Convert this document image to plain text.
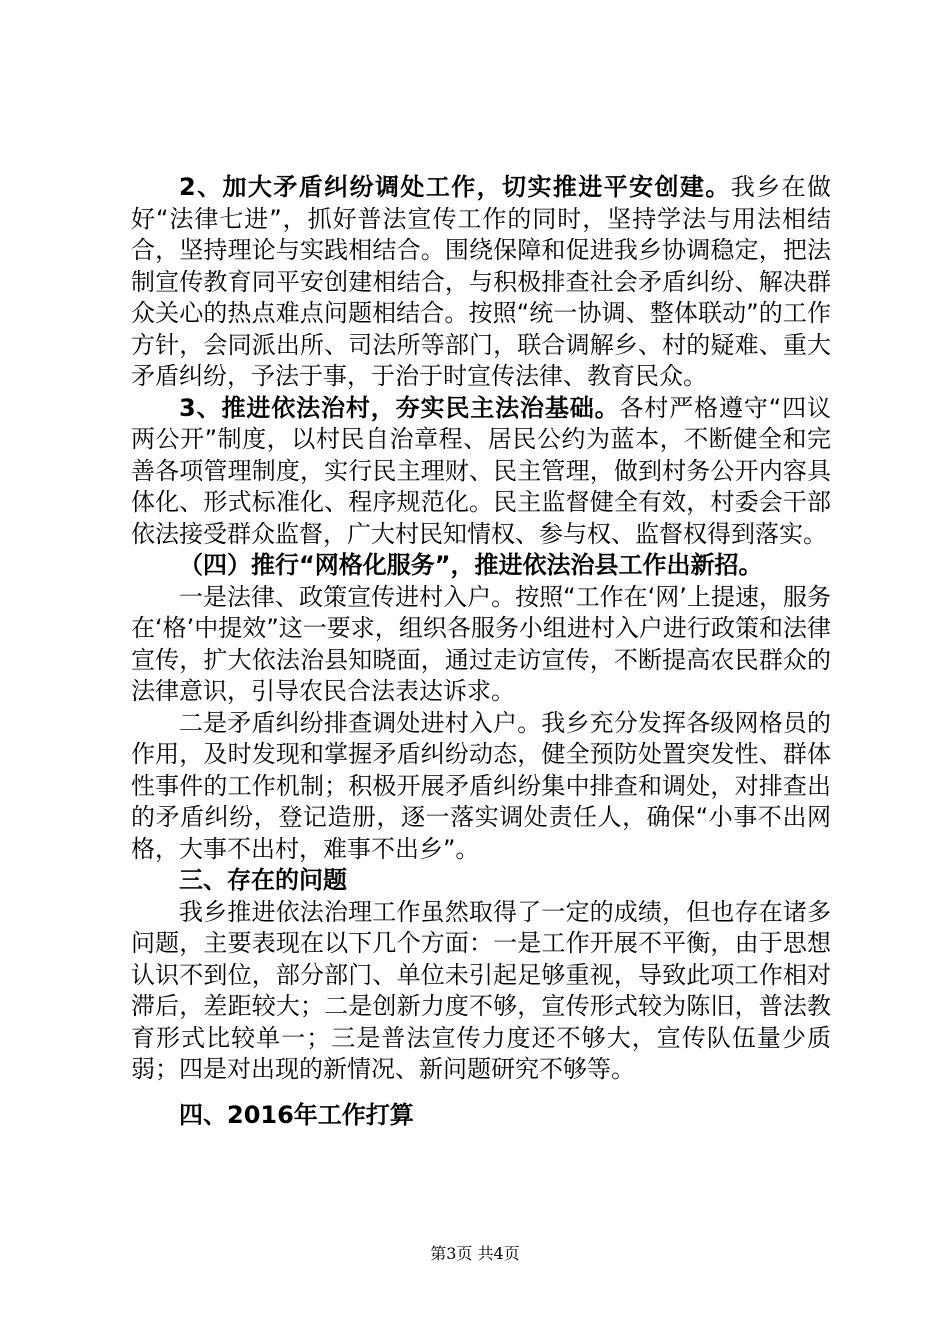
2、加大矛盾纠纷调处工作，切实推进平安创建。我乡在做好“法律七进”，抓好普法宣传工作的同时，坚持学法与用法相结合，坚持理论与实践相结合。围绕保障和促进我乡协调稳定，把法制宣传教育同平安创建相结合，与积极排查社会矛盾纠纷、解决群众关心的热点难点问题相结合。按照“统一协调、整体联动”的工作方针，会同派出所、司法所等部门，联合调解乡、村的疑难、重大矛盾纠纷，予法于事，于治于时宣传法律、教育民众。

3、推进依法治村，夯实民主法治基础。各村严格遵守“四议两公开”制度，以村民自治章程、居民公约为蓝本，不断健全和完善各项管理制度，实行民主理财、民主管理，做到村务公开内容具体化、形式标准化、程序规范化。民主监督健全有效，村委会干部依法接受群众监督，广大村民知情权、参与权、监督权得到落实。

（四）推行“网格化服务”，推进依法治县工作出新招。

一是法律、政策宣传进村入户。按照“工作在‘网’上提速，服务在‘格’中提效”这一要求，组织各服务小组进村入户进行政策和法律宣传，扩大依法治县知晓面，通过走访宣传，不断提高农民群众的法律意识，引导农民合法表达诉求。

二是矛盾纠纷排查调处进村入户。我乡充分发挥各级网格员的作用，及时发现和掌握矛盾纠纷动态，健全预防处置突发性、群体性事件的工作机制；积极开展矛盾纠纷集中排查和调处，对排查出的矛盾纠纷，登记造册，逐一落实调处责任人，确保“小事不出网格，大事不出村，难事不出乡”。

三、存在的问题

我乡推进依法治理工作虽然取得了一定的成绩，但也存在诸多问题，主要表现在以下几个方面：一是工作开展不平衡，由于思想认识不到位，部分部门、单位未引起足够重视，导致此项工作相对滞后，差距较大；二是创新力度不够，宣传形式较为陈旧，普法教育形式比较单一；三是普法宣传力度还不够大，宣传队伍量少质弱；四是对出现的新情况、新问题研究不够等。

四、2016年工作打算

第3页 共4页
